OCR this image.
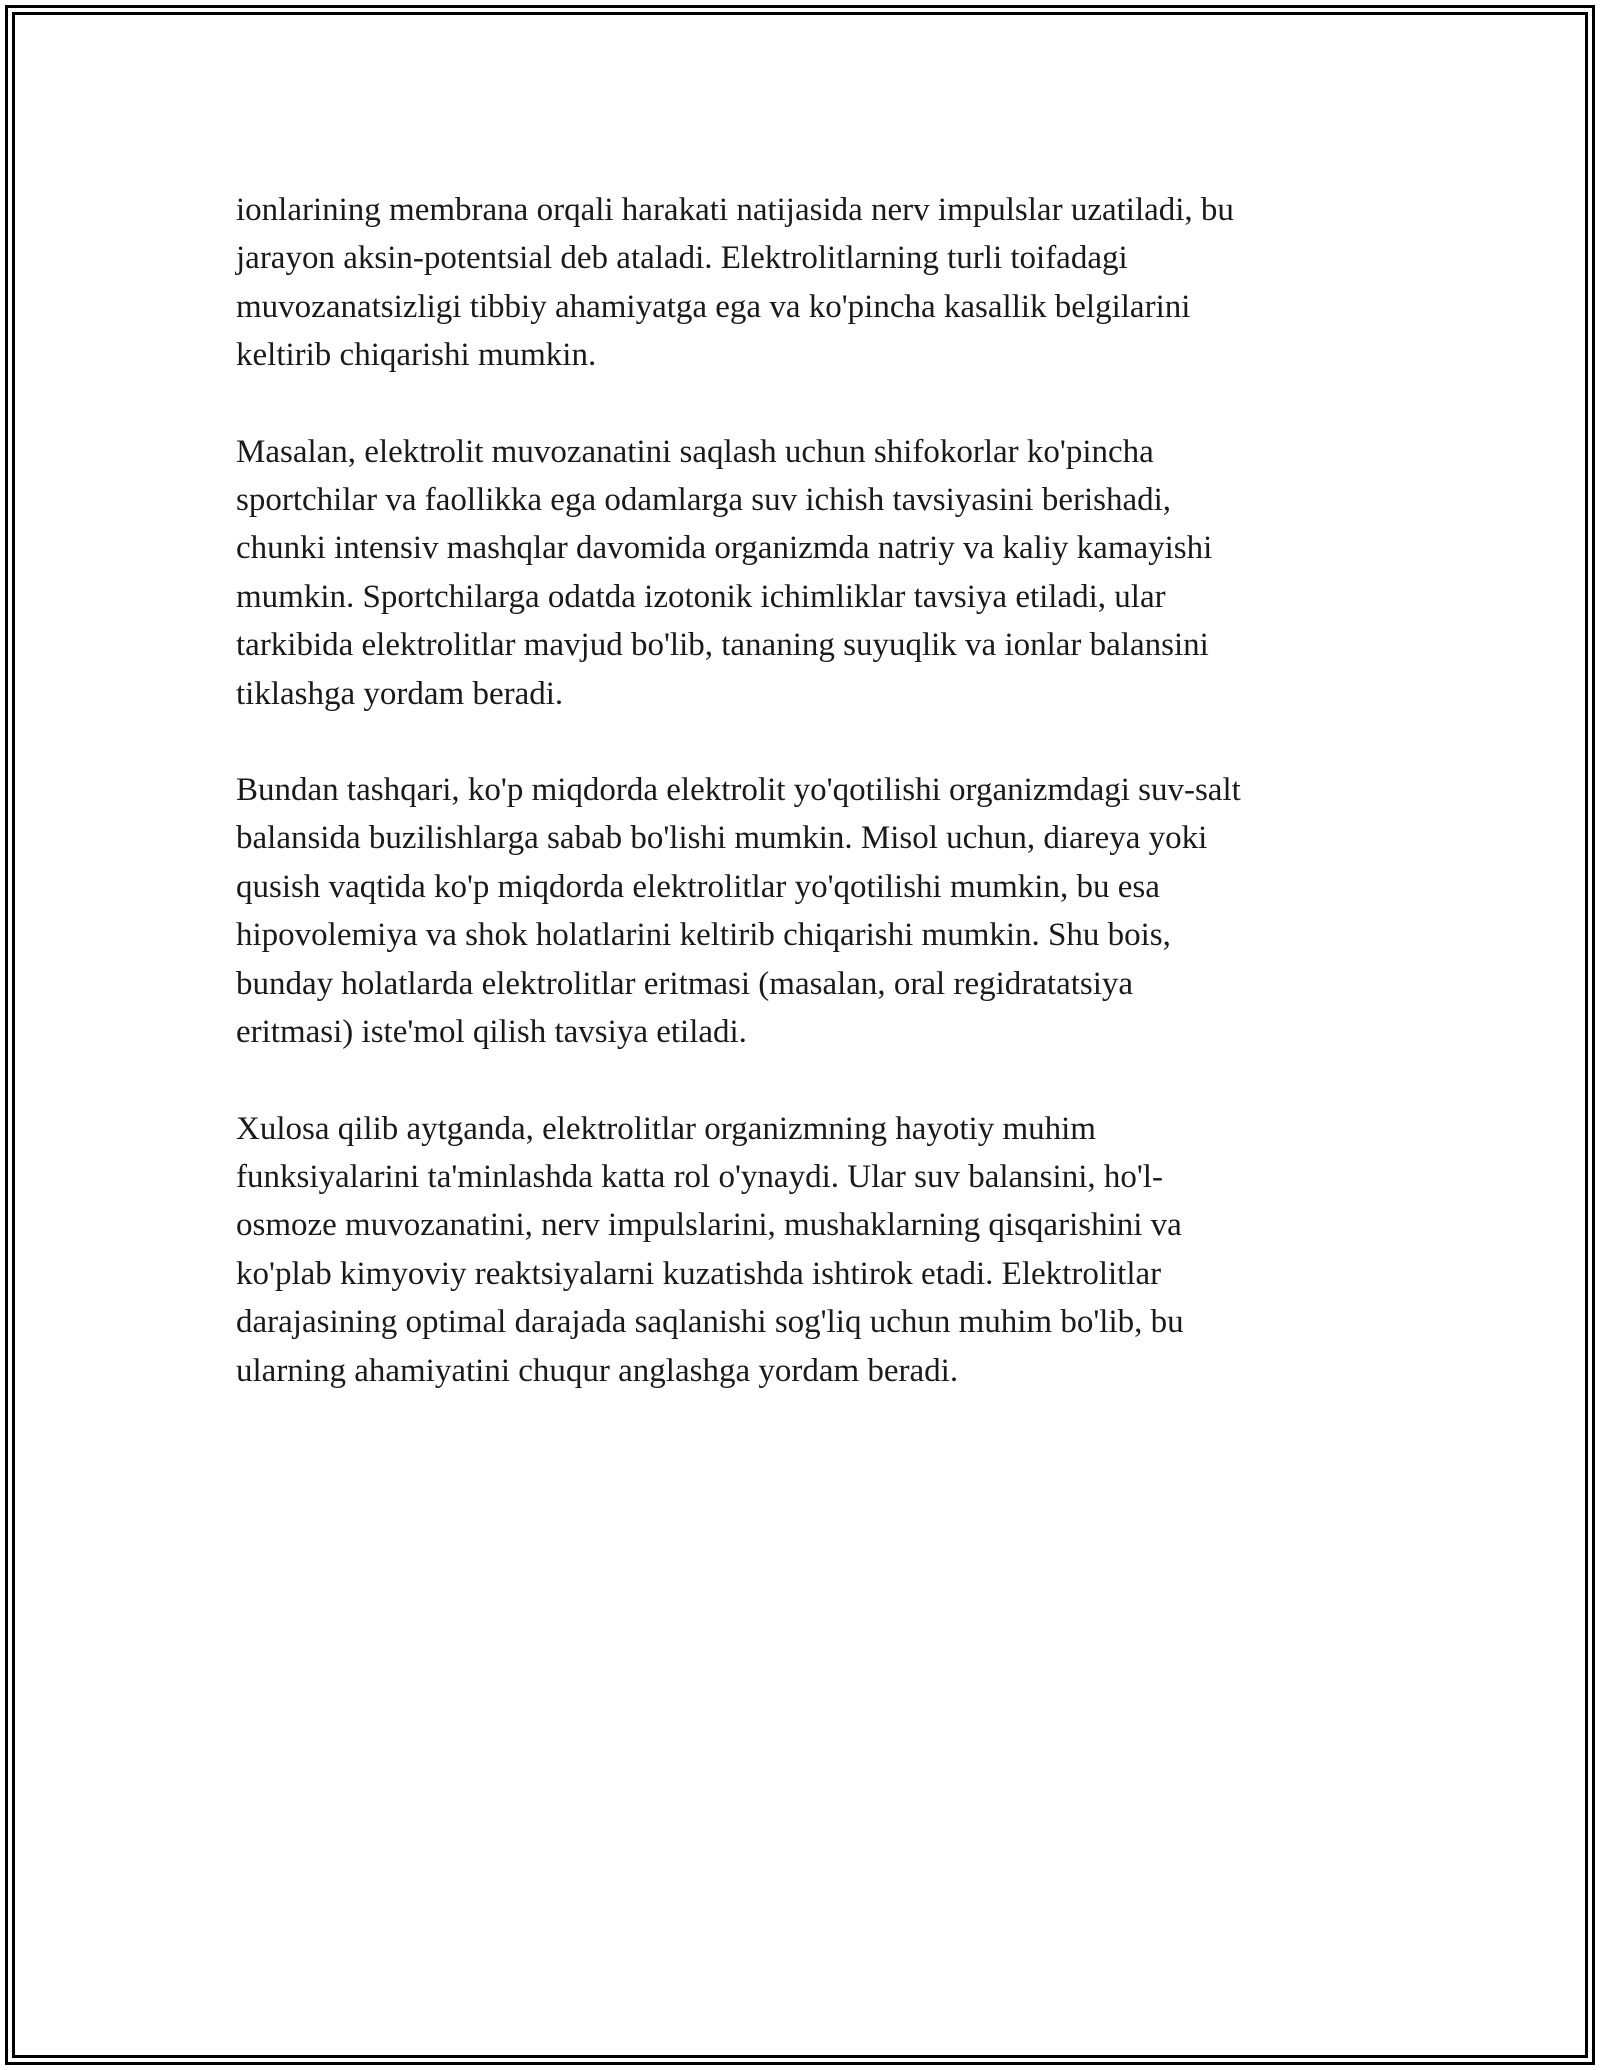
ionlarining membrana orqali harakati natijasida nerv impulslar uzatiladi, bu
jarayon aksin-potentsial deb ataladi. Elektrolitlarning turli toifadagi
muvozanatsizligi tibbiy ahamiyatga ega va ko'pincha kasallik belgilarini
keltirib chiqarishi mumkin.

Masalan, elektrolit muvozanatini saqlash uchun shifokorlar ko'pincha
sportchilar va faollikka ega odamlarga suv ichish tavsiyasini berishadi,
chunki intensiv mashqlar davomida organizmda natriy va kaliy kamayishi
mumkin. Sportchilarga odatda izotonik ichimliklar tavsiya etiladi, ular
tarkibida elektrolitlar mavjud bo'lib, tananing suyuqlik va ionlar balansini
tiklashga yordam beradi.

Bundan tashqari, ko'p miqdorda elektrolit yo'qotilishi organizmdagi suv-salt
balansida buzilishlarga sabab bo'lishi mumkin. Misol uchun, diareya yoki
qusish vaqtida ko'p miqdorda elektrolitlar yo'qotilishi mumkin, bu esa
hipovolemiya va shok holatlarini keltirib chiqarishi mumkin. Shu bois,
bunday holatlarda elektrolitlar eritmasi (masalan, oral regidratatsiya
eritmasi) iste'mol qilish tavsiya etiladi.

Xulosa qilib aytganda, elektrolitlar organizmning hayotiy muhim
funksiyalarini ta'minlashda katta rol o'ynaydi. Ular suv balansini, ho'l-
osmoze muvozanatini, nerv impulslarini, mushaklarning qisqarishini va
ko'plab kimyoviy reaktsiyalarni kuzatishda ishtirok etadi. Elektrolitlar
darajasining optimal darajada saqlanishi sog'liq uchun muhim bo'lib, bu
ularning ahamiyatini chuqur anglashga yordam beradi.
